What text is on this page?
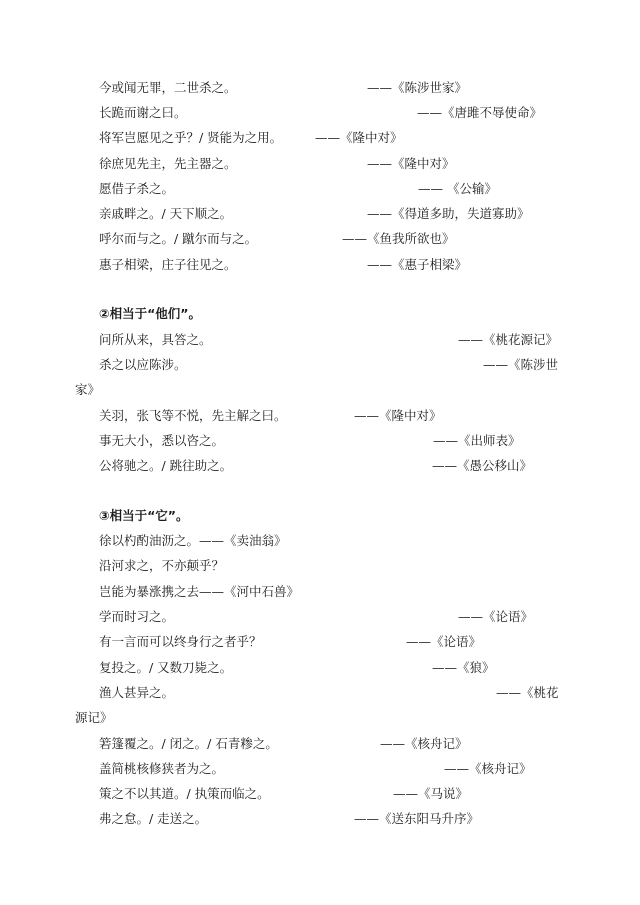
今或闻无罪，二世杀之。	——《陈涉世家》
长跪而谢之曰。	——《唐雎不辱使命》
将军岂愿见之乎？/ 贤能为之用。	——《隆中对》
徐庶见先主，先主器之。	——《隆中对》
愿借子杀之。	—— 《公输》
亲戚畔之。/ 天下顺之。	——《得道多助，失道寡助》
呼尔而与之。/ 蹴尔而与之。	——《鱼我所欲也》
惠子相梁，庄子往见之。	——《惠子相梁》
②相当于“他们”。
问所从来，具答之。	——《桃花源记》
杀之以应陈涉。	——《陈涉世
家》
关羽，张飞等不悦，先主解之曰。	——《隆中对》
事无大小，悉以咨之。	——《出师表》
公将驰之。/ 跳往助之。	——《愚公移山》
③相当于“它”。
徐以杓酌油沥之。——《卖油翁》
沿河求之，不亦颠乎？
岂能为暴涨携之去——《河中石兽》
学而时习之。	——《论语》
有一言而可以终身行之者乎？	——《论语》
复投之。/ 又数刀毙之。	——《狼》
渔人甚异之。	——《桃花
源记》
箬篷覆之。/ 闭之。/ 石青糁之。	——《核舟记》
盖简桃核修狭者为之。	——《核舟记》
策之不以其道。/ 执策而临之。	——《马说》
弗之怠。/ 走送之。	——《送东阳马升序》
